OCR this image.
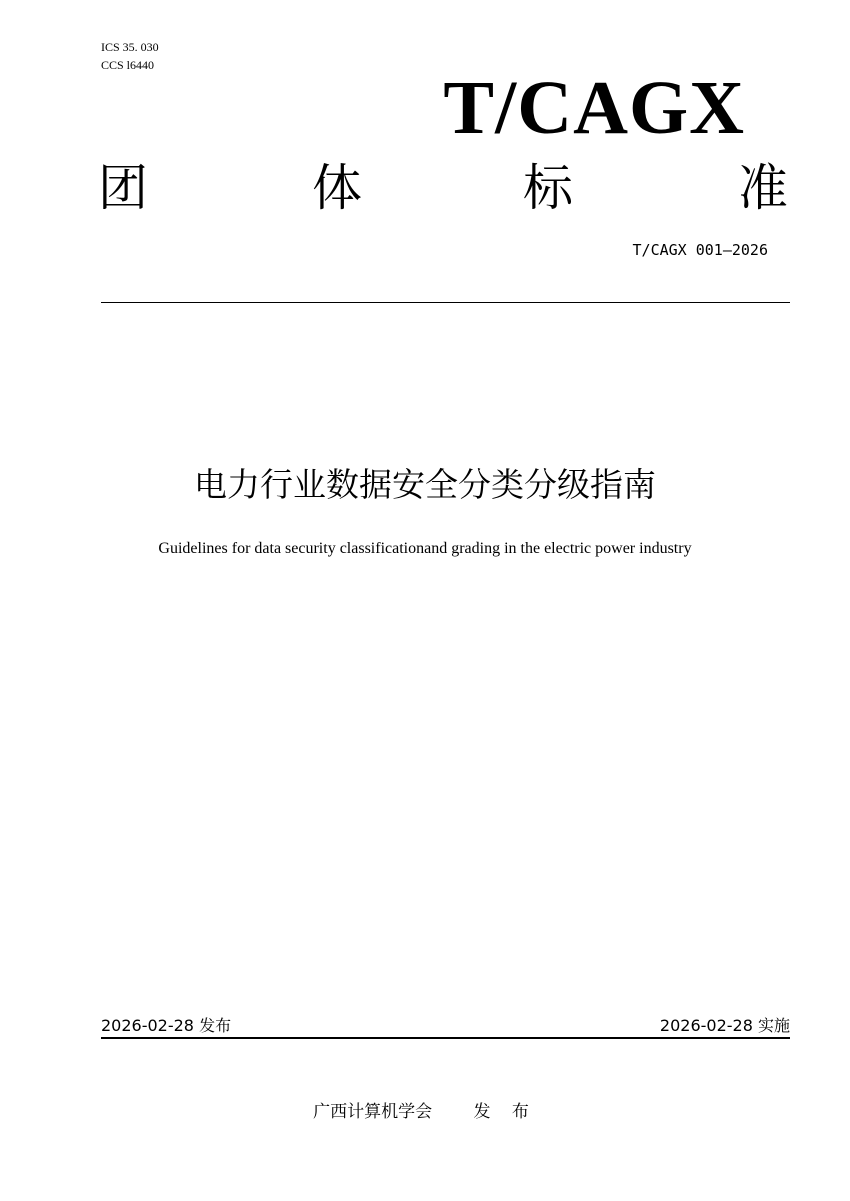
ICS 35. 030
CCS l6440
T/CAGX
团	体	标	准
T/CAGX 001—2026
电力行业数据安全分类分级指南
Guidelines for data security classificationand grading in the electric power industry
2026-02-28 发布	2026-02-28 实施
广西计算机学会 发 布
